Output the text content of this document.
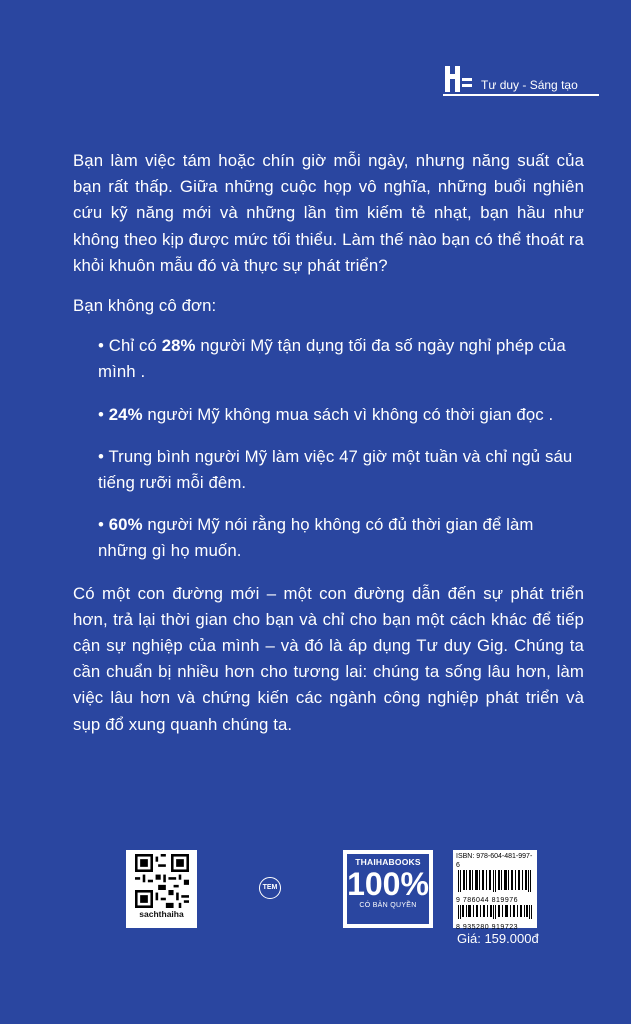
Tư duy - Sáng tạo

Bạn làm việc tám hoặc chín giờ mỗi ngày, nhưng năng suất của bạn rất thấp. Giữa những cuộc họp vô nghĩa, những buổi nghiên cứu kỹ năng mới và những lần tìm kiếm tẻ nhạt, bạn hầu như không theo kịp được mức tối thiểu. Làm thế nào bạn có thể thoát ra khỏi khuôn mẫu đó và thực sự phát triển?

Bạn không cô đơn:

• Chỉ có 28% người Mỹ tận dụng tối đa số ngày nghỉ phép của mình .
• 24% người Mỹ không mua sách vì không có thời gian đọc .
• Trung bình người Mỹ làm việc 47 giờ một tuần và chỉ ngủ sáu tiếng rưỡi mỗi đêm.
• 60% người Mỹ nói rằng họ không có đủ thời gian để làm những gì họ muốn.

Có một con đường mới – một con đường dẫn đến sự phát triển hơn, trả lại thời gian cho bạn và chỉ cho bạn một cách khác để tiếp cận sự nghiệp của mình – và đó là áp dụng Tư duy Gig. Chúng ta cần chuẩn bị nhiều hơn cho tương lai: chúng ta sống lâu hơn, làm việc lâu hơn và chứng kiến các ngành công nghiệp phát triển và sụp đổ xung quanh chúng ta.

sachthaiha
TEM
THAIHABOOKS
100%
CÓ BẢN QUYỀN
ISBN: 978-604-481-997-6
9 786044 819976
8 935280 919723
Giá: 159.000đ
